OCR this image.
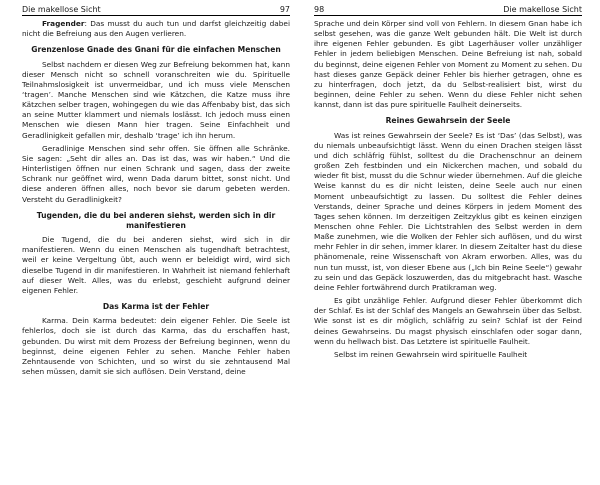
Die makellose Sicht	97

Fragender: Das musst du auch tun und darfst gleichzeitig dabei nicht die Befreiung aus den Augen verlieren.

Grenzenlose Gnade des Gnani für die einfachen Menschen

Selbst nachdem er diesen Weg zur Befreiung bekommen hat, kann dieser Mensch nicht so schnell voranschreiten wie du. Spirituelle Teilnahmslosigkeit ist unvermeidbar, und ich muss viele Menschen ‘tragen’. Manche Menschen sind wie Kätzchen, die Katze muss ihre Kätzchen selber tragen, wohingegen du wie das Affenbaby bist, das sich an seine Mutter klammert und niemals loslässt. Ich jedoch muss einen Menschen wie diesen Mann hier tragen. Seine Einfachheit und Geradlinigkeit gefallen mir, deshalb ‘trage’ ich ihn herum.

Geradlinige Menschen sind sehr offen. Sie öffnen alle Schränke. Sie sagen: „Seht dir alles an. Das ist das, was wir haben.“ Und die Hinterlistigen öffnen nur einen Schrank und sagen, dass der zweite Schrank nur geöffnet wird, wenn Dada darum bittet, sonst nicht. Und diese anderen öffnen alles, noch bevor sie darum gebeten werden. Versteht du Geradlinigkeit?

Tugenden, die du bei anderen siehst, werden sich in dir manifestieren

Die Tugend, die du bei anderen siehst, wird sich in dir manifestieren. Wenn du einen Menschen als tugendhaft betrachtest, weil er keine Vergeltung übt, auch wenn er beleidigt wird, wird sich dieselbe Tugend in dir manifestieren. In Wahrheit ist niemand fehlerhaft auf dieser Welt. Alles, was du erlebst, geschieht aufgrund deiner eigenen Fehler.

Das Karma ist der Fehler

Karma. Dein Karma bedeutet: dein eigener Fehler. Die Seele ist fehlerlos, doch sie ist durch das Karma, das du erschaffen hast, gebunden. Du wirst mit dem Prozess der Befreiung beginnen, wenn du beginnst, deine eigenen Fehler zu sehen. Manche Fehler haben Zehntausende von Schichten, und so wirst du sie zehntausend Mal sehen müssen, damit sie sich auflösen. Dein Verstand, deine

98	Die makellose Sicht

Sprache und dein Körper sind voll von Fehlern. In diesem Gnan habe ich selbst gesehen, was die ganze Welt gebunden hält. Die Welt ist durch ihre eigenen Fehler gebunden. Es gibt Lagerhäuser voller unzähliger Fehler in jedem beliebigen Menschen. Deine Befreiung ist nah, sobald du beginnst, deine eigenen Fehler von Moment zu Moment zu sehen. Du hast dieses ganze Gepäck deiner Fehler bis hierher getragen, ohne es zu hinterfragen, doch jetzt, da du Selbst-realisiert bist, wirst du beginnen, deine Fehler zu sehen. Wenn du diese Fehler nicht sehen kannst, dann ist das pure spirituelle Faulheit deinerseits.

Reines Gewahrsein der Seele

Was ist reines Gewahrsein der Seele? Es ist ‘Das’ (das Selbst), was du niemals unbeaufsichtigt lässt. Wenn du einen Drachen steigen lässt und dich schläfrig fühlst, solltest du die Drachenschnur an deinem großen Zeh festbinden und ein Nickerchen machen, und sobald du wieder fit bist, musst du die Schnur wieder übernehmen. Auf die gleiche Weise kannst du es dir nicht leisten, deine Seele auch nur einen Moment unbeaufsichtigt zu lassen. Du solltest die Fehler deines Verstands, deiner Sprache und deines Körpers in jedem Moment des Tages sehen können. Im derzeitigen Zeitzyklus gibt es keinen einzigen Menschen ohne Fehler. Die Lichtstrahlen des Selbst werden in dem Maße zunehmen, wie die Wolken der Fehler sich auflösen, und du wirst mehr Fehler in dir sehen, immer klarer. In diesem Zeitalter hast du diese phänomenale, reine Wissenschaft von Akram erworben. Alles, was du nun tun musst, ist, von dieser Ebene aus („Ich bin Reine Seele“) gewahr zu sein und das Gepäck loszuwerden, das du mitgebracht hast. Wasche deine Fehler fortwährend durch Pratikraman weg.

Es gibt unzählige Fehler. Aufgrund dieser Fehler überkommt dich der Schlaf. Es ist der Schlaf des Mangels an Gewahrsein über das Selbst. Wie sonst ist es dir möglich, schläfrig zu sein? Schlaf ist der Feind deines Gewahrseins. Du magst physisch einschlafen oder sogar dann, wenn du hellwach bist. Das Letztere ist spirituelle Faulheit.

Selbst im reinen Gewahrsein wird spirituelle Faulheit
